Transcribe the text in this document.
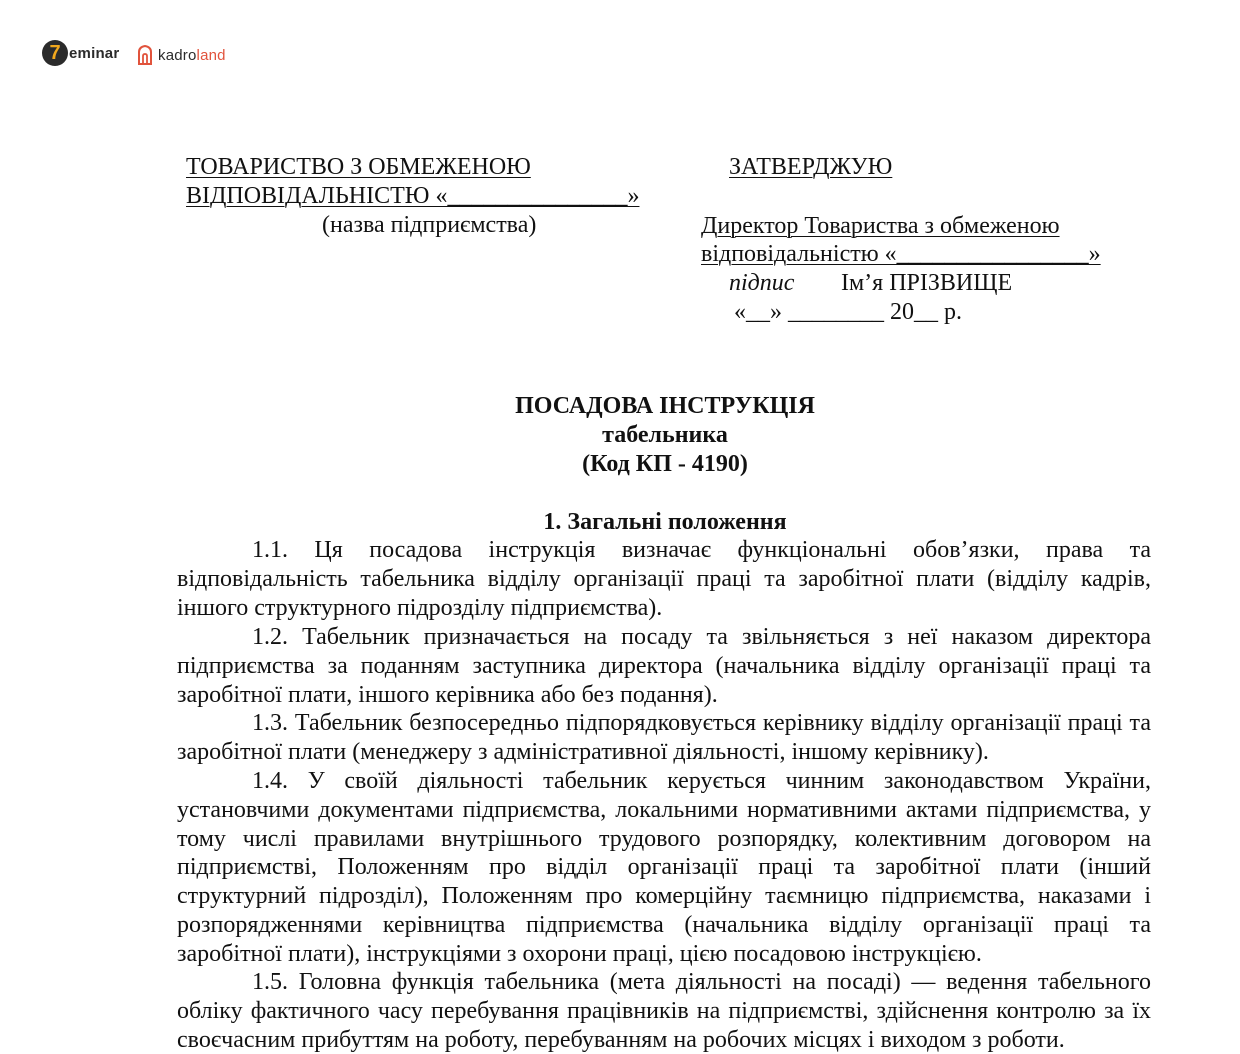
7 eminar	kadroland
ТОВАРИСТВО З ОБМЕЖЕНОЮ
ВІДПОВІДАЛЬНІСТЮ «_______________»
(назва підприємства)
ЗАТВЕРДЖУЮ
Директор Товариства з обмеженою
відповідальністю «________________»
підпис Ім’я ПРІЗВИЩЕ
«__» ________ 20__ р.
ПОСАДОВА ІНСТРУКЦІЯ
табельника
(Код КП - 4190)
1. Загальні положення
1.1. Ця посадова інструкція визначає функціональні обов’язки, права та відповідальність табельника відділу організації праці та заробітної плати (відділу кадрів, іншого структурного підрозділу підприємства).
1.2. Табельник призначається на посаду та звільняється з неї наказом директора підприємства за поданням заступника директора (начальника відділу організації праці та заробітної плати, іншого керівника або без подання).
1.3. Табельник безпосередньо підпорядковується керівнику відділу організації праці та заробітної плати (менеджеру з адміністративної діяльності, іншому керівнику).
1.4. У своїй діяльності табельник керується чинним законодавством України, установчими документами підприємства, локальними нормативними актами підприємства, у тому числі правилами внутрішнього трудового розпорядку, колективним договором на підприємстві, Положенням про відділ організації праці та заробітної плати (інший структурний підрозділ), Положенням про комерційну таємницю підприємства, наказами і розпорядженнями керівництва підприємства (начальника відділу організації праці та заробітної плати), інструкціями з охорони праці, цією посадовою інструкцією.
1.5. Головна функція табельника (мета діяльності на посаді) — ведення табельного обліку фактичного часу перебування працівників на підприємстві, здійснення контролю за їх своєчасним прибуттям на роботу, перебуванням на робочих місцях і виходом з роботи.
